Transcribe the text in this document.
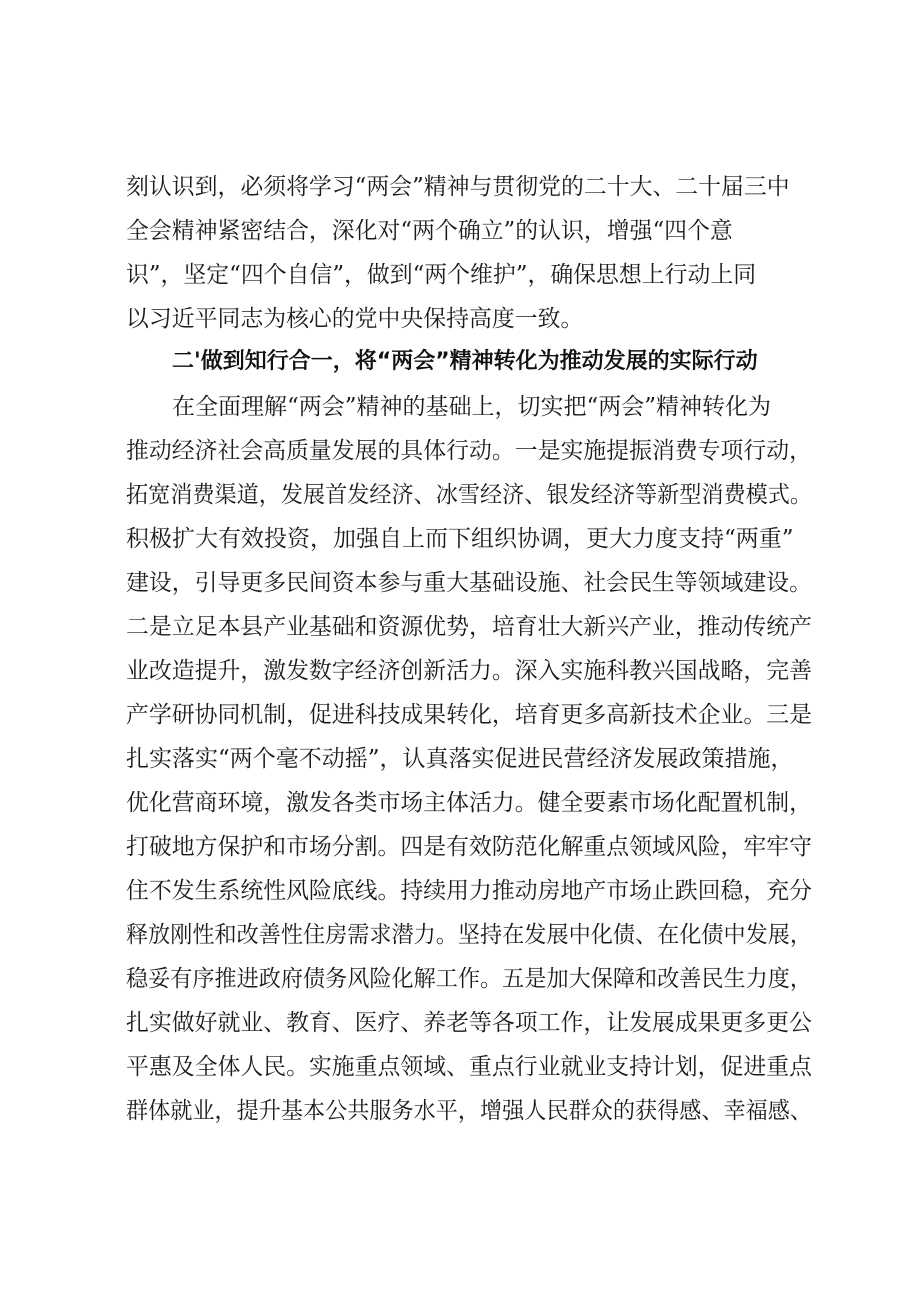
刻认识到，必须将学习“两会”精神与贯彻党的二十大、二十届三中
全会精神紧密结合，深化对“两个确立”的认识，增强“四个意
识”，坚定“四个自信”，做到“两个维护”，确保思想上行动上同
以习近平同志为核心的党中央保持高度一致。
二'做到知行合一，将“两会”精神转化为推动发展的实际行动
在全面理解“两会”精神的基础上，切实把“两会”精神转化为
推动经济社会高质量发展的具体行动。一是实施提振消费专项行动，
拓宽消费渠道，发展首发经济、冰雪经济、银发经济等新型消费模式。
积极扩大有效投资，加强自上而下组织协调，更大力度支持“两重”
建设，引导更多民间资本参与重大基础设施、社会民生等领域建设。
二是立足本县产业基础和资源优势，培育壮大新兴产业，推动传统产
业改造提升，激发数字经济创新活力。深入实施科教兴国战略，完善
产学研协同机制，促进科技成果转化，培育更多高新技术企业。三是
扎实落实“两个毫不动摇”，认真落实促进民营经济发展政策措施，
优化营商环境，激发各类市场主体活力。健全要素市场化配置机制，
打破地方保护和市场分割。四是有效防范化解重点领域风险，牢牢守
住不发生系统性风险底线。持续用力推动房地产市场止跌回稳，充分
释放刚性和改善性住房需求潜力。坚持在发展中化债、在化债中发展，
稳妥有序推进政府债务风险化解工作。五是加大保障和改善民生力度，
扎实做好就业、教育、医疗、养老等各项工作，让发展成果更多更公
平惠及全体人民。实施重点领域、重点行业就业支持计划，促进重点
群体就业，提升基本公共服务水平，增强人民群众的获得感、幸福感、
